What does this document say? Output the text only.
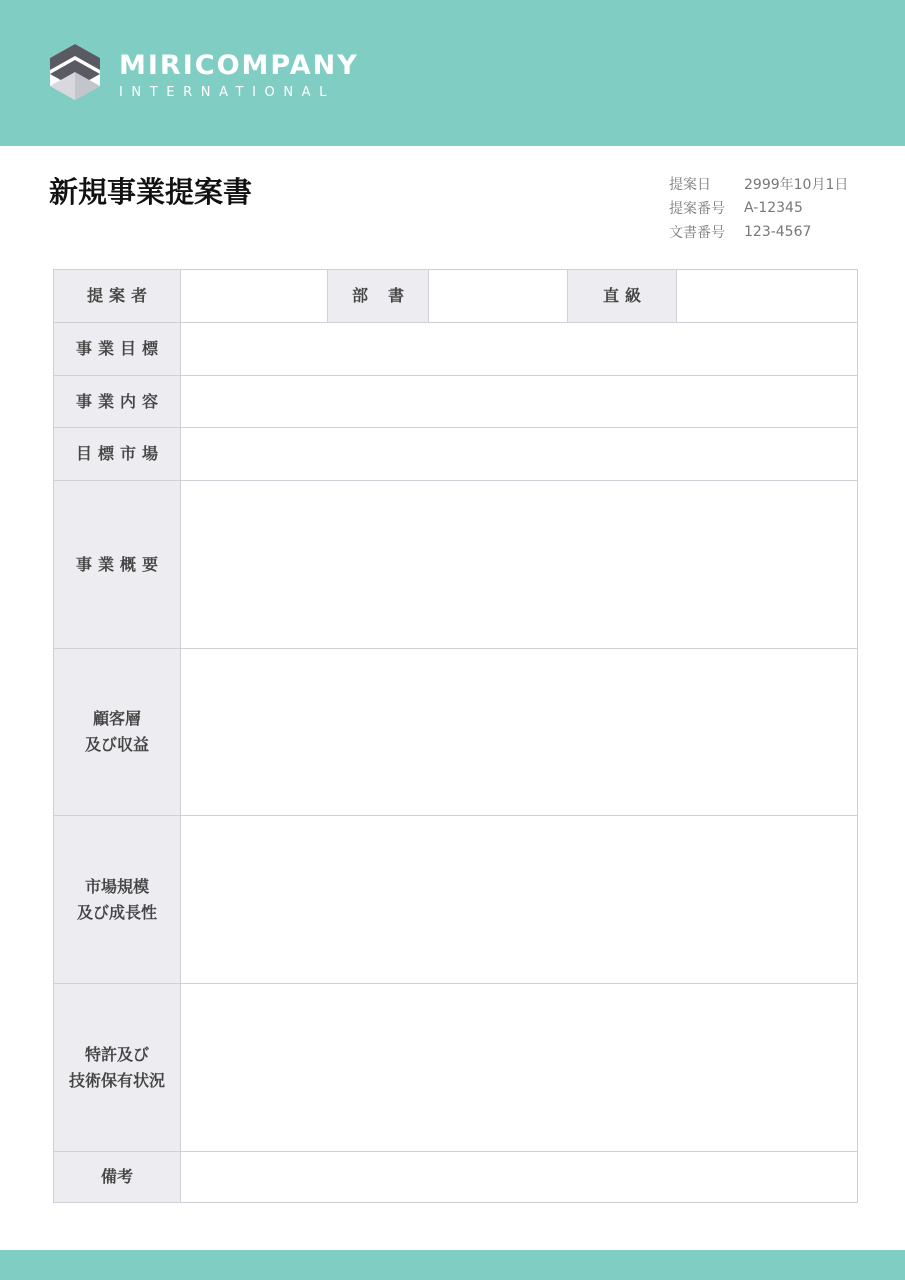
MIRICOMPANY
INTERNATIONAL
新規事業提案書	提案日	2999年10月1日
提案番号	A-12345
文書番号	123-4567
提案者		部書		直級	

事業目標					

事業内容					

目標市場					

事業概要					

顧客層
及び収益					

市場規模
及び成長性					

特許及び
技術保有状況					

備考					
